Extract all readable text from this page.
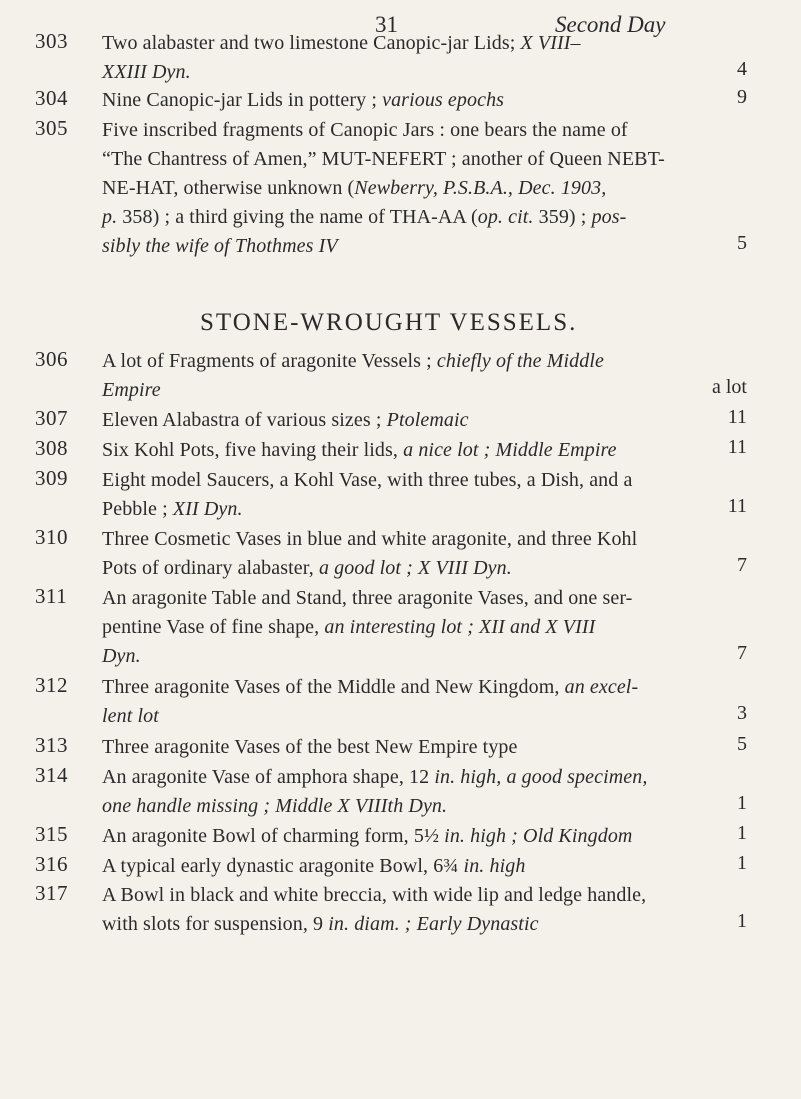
31	Second Day
303 Two alabaster and two limestone Canopic-jar Lids; X VIII–
XXIII Dyn.	4
304 Nine Canopic-jar Lids in pottery ; various epochs	9
305 Five inscribed fragments of Canopic Jars : one bears the name of
“The Chantress of Amen,” MUT-NEFERT ; another of Queen NEBT-
NE-HAT, otherwise unknown (Newberry, P.S.B.A., Dec. 1903,
p. 358) ; a third giving the name of THA-AA (op. cit. 359) ; pos-
sibly the wife of Thothmes IV	5
STONE-WROUGHT VESSELS.
306 A lot of Fragments of aragonite Vessels ; chiefly of the Middle
Empire	a lot
307 Eleven Alabastra of various sizes ; Ptolemaic	11
308 Six Kohl Pots, five having their lids, a nice lot ; Middle Empire	11
309 Eight model Saucers, a Kohl Vase, with three tubes, a Dish, and a
Pebble ; XII Dyn.	11
310 Three Cosmetic Vases in blue and white aragonite, and three Kohl
Pots of ordinary alabaster, a good lot ; X VIII Dyn.	7
311 An aragonite Table and Stand, three aragonite Vases, and one ser-
pentine Vase of fine shape, an interesting lot ; XII and X VIII
Dyn.	7
312 Three aragonite Vases of the Middle and New Kingdom, an excel-
lent lot	3
313 Three aragonite Vases of the best New Empire type	5
314 An aragonite Vase of amphora shape, 12 in. high, a good specimen,
one handle missing ; Middle X VIIIth Dyn.	1
315 An aragonite Bowl of charming form, 5½ in. high ; Old Kingdom	1
316 A typical early dynastic aragonite Bowl, 6¾ in. high	1
317 A Bowl in black and white breccia, with wide lip and ledge handle,
with slots for suspension, 9 in. diam. ; Early Dynastic	1
